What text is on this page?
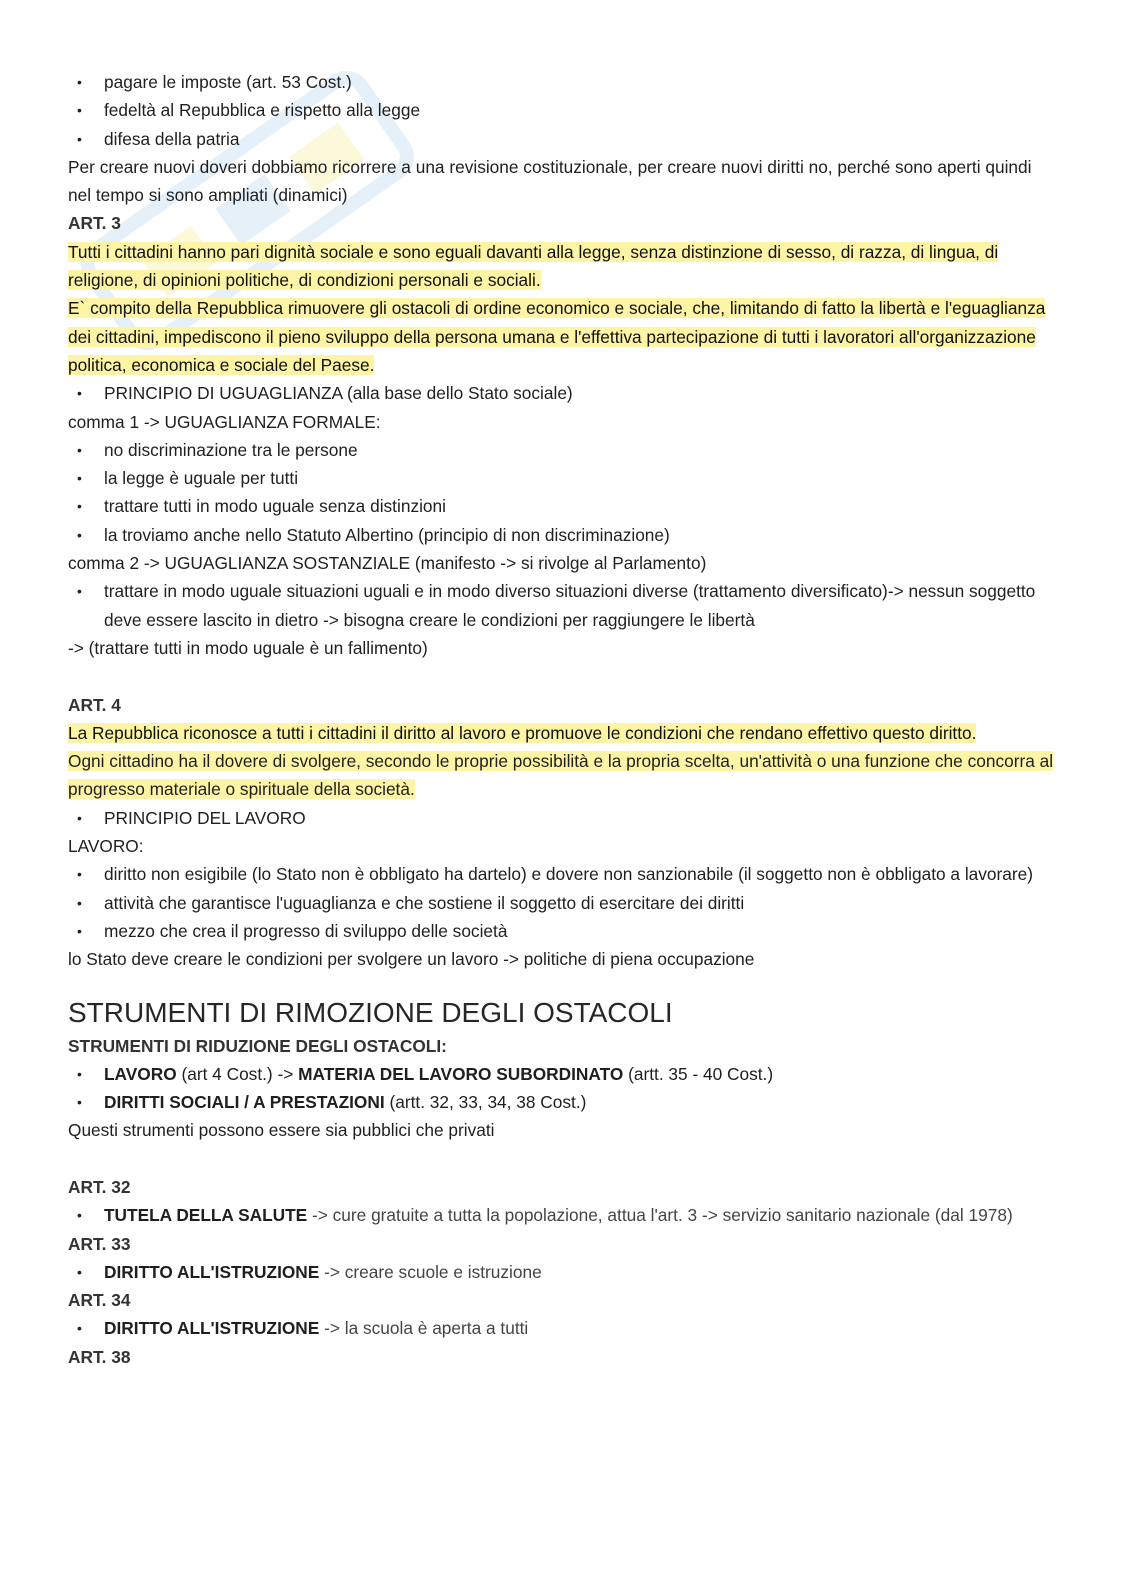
• pagare le imposte (art. 53 Cost.)
• fedeltà al Repubblica e rispetto alla legge
• difesa della patria
Per creare nuovi doveri dobbiamo ricorrere a una revisione costituzionale, per creare nuovi diritti no, perché sono aperti quindi nel tempo si sono ampliati (dinamici)
ART. 3
Tutti i cittadini hanno pari dignità sociale e sono eguali davanti alla legge, senza distinzione di sesso, di razza, di lingua, di religione, di opinioni politiche, di condizioni personali e sociali.
E` compito della Repubblica rimuovere gli ostacoli di ordine economico e sociale, che, limitando di fatto la libertà e l'eguaglianza dei cittadini, impediscono il pieno sviluppo della persona umana e l'effettiva partecipazione di tutti i lavoratori all'organizzazione politica, economica e sociale del Paese.
• PRINCIPIO DI UGUAGLIANZA (alla base dello Stato sociale)
comma 1 -> UGUAGLIANZA FORMALE:
• no discriminazione tra le persone
• la legge è uguale per tutti
• trattare tutti in modo uguale senza distinzioni
• la troviamo anche nello Statuto Albertino (principio di non discriminazione)
comma 2 -> UGUAGLIANZA SOSTANZIALE (manifesto -> si rivolge al Parlamento)
• trattare in modo uguale situazioni uguali e in modo diverso situazioni diverse (trattamento diversificato)-> nessun soggetto deve essere lascito in dietro -> bisogna creare le condizioni per raggiungere le libertà
-> (trattare tutti in modo uguale è un fallimento)
ART. 4
La Repubblica riconosce a tutti i cittadini il diritto al lavoro e promuove le condizioni che rendano effettivo questo diritto.
Ogni cittadino ha il dovere di svolgere, secondo le proprie possibilità e la propria scelta, un'attività o una funzione che concorra al progresso materiale o spirituale della società.
• PRINCIPIO DEL LAVORO
LAVORO:
• diritto non esigibile (lo Stato non è obbligato ha dartelo) e dovere non sanzionabile (il soggetto non è obbligato a lavorare)
• attività che garantisce l'uguaglianza e che sostiene il soggetto di esercitare dei diritti
• mezzo che crea il progresso di sviluppo delle società
lo Stato deve creare le condizioni per svolgere un lavoro -> politiche di piena occupazione
STRUMENTI DI RIMOZIONE DEGLI OSTACOLI
STRUMENTI DI RIDUZIONE DEGLI OSTACOLI:
• LAVORO (art 4 Cost.) -> MATERIA DEL LAVORO SUBORDINATO (artt. 35 - 40 Cost.)
• DIRITTI SOCIALI / A PRESTAZIONI (artt. 32, 33, 34, 38 Cost.)
Questi strumenti possono essere sia pubblici che privati
ART. 32
• TUTELA DELLA SALUTE -> cure gratuite a tutta la popolazione, attua l'art. 3 -> servizio sanitario nazionale (dal 1978)
ART. 33
• DIRITTO ALL'ISTRUZIONE -> creare scuole e istruzione
ART. 34
• DIRITTO ALL'ISTRUZIONE -> la scuola è aperta a tutti
ART. 38
